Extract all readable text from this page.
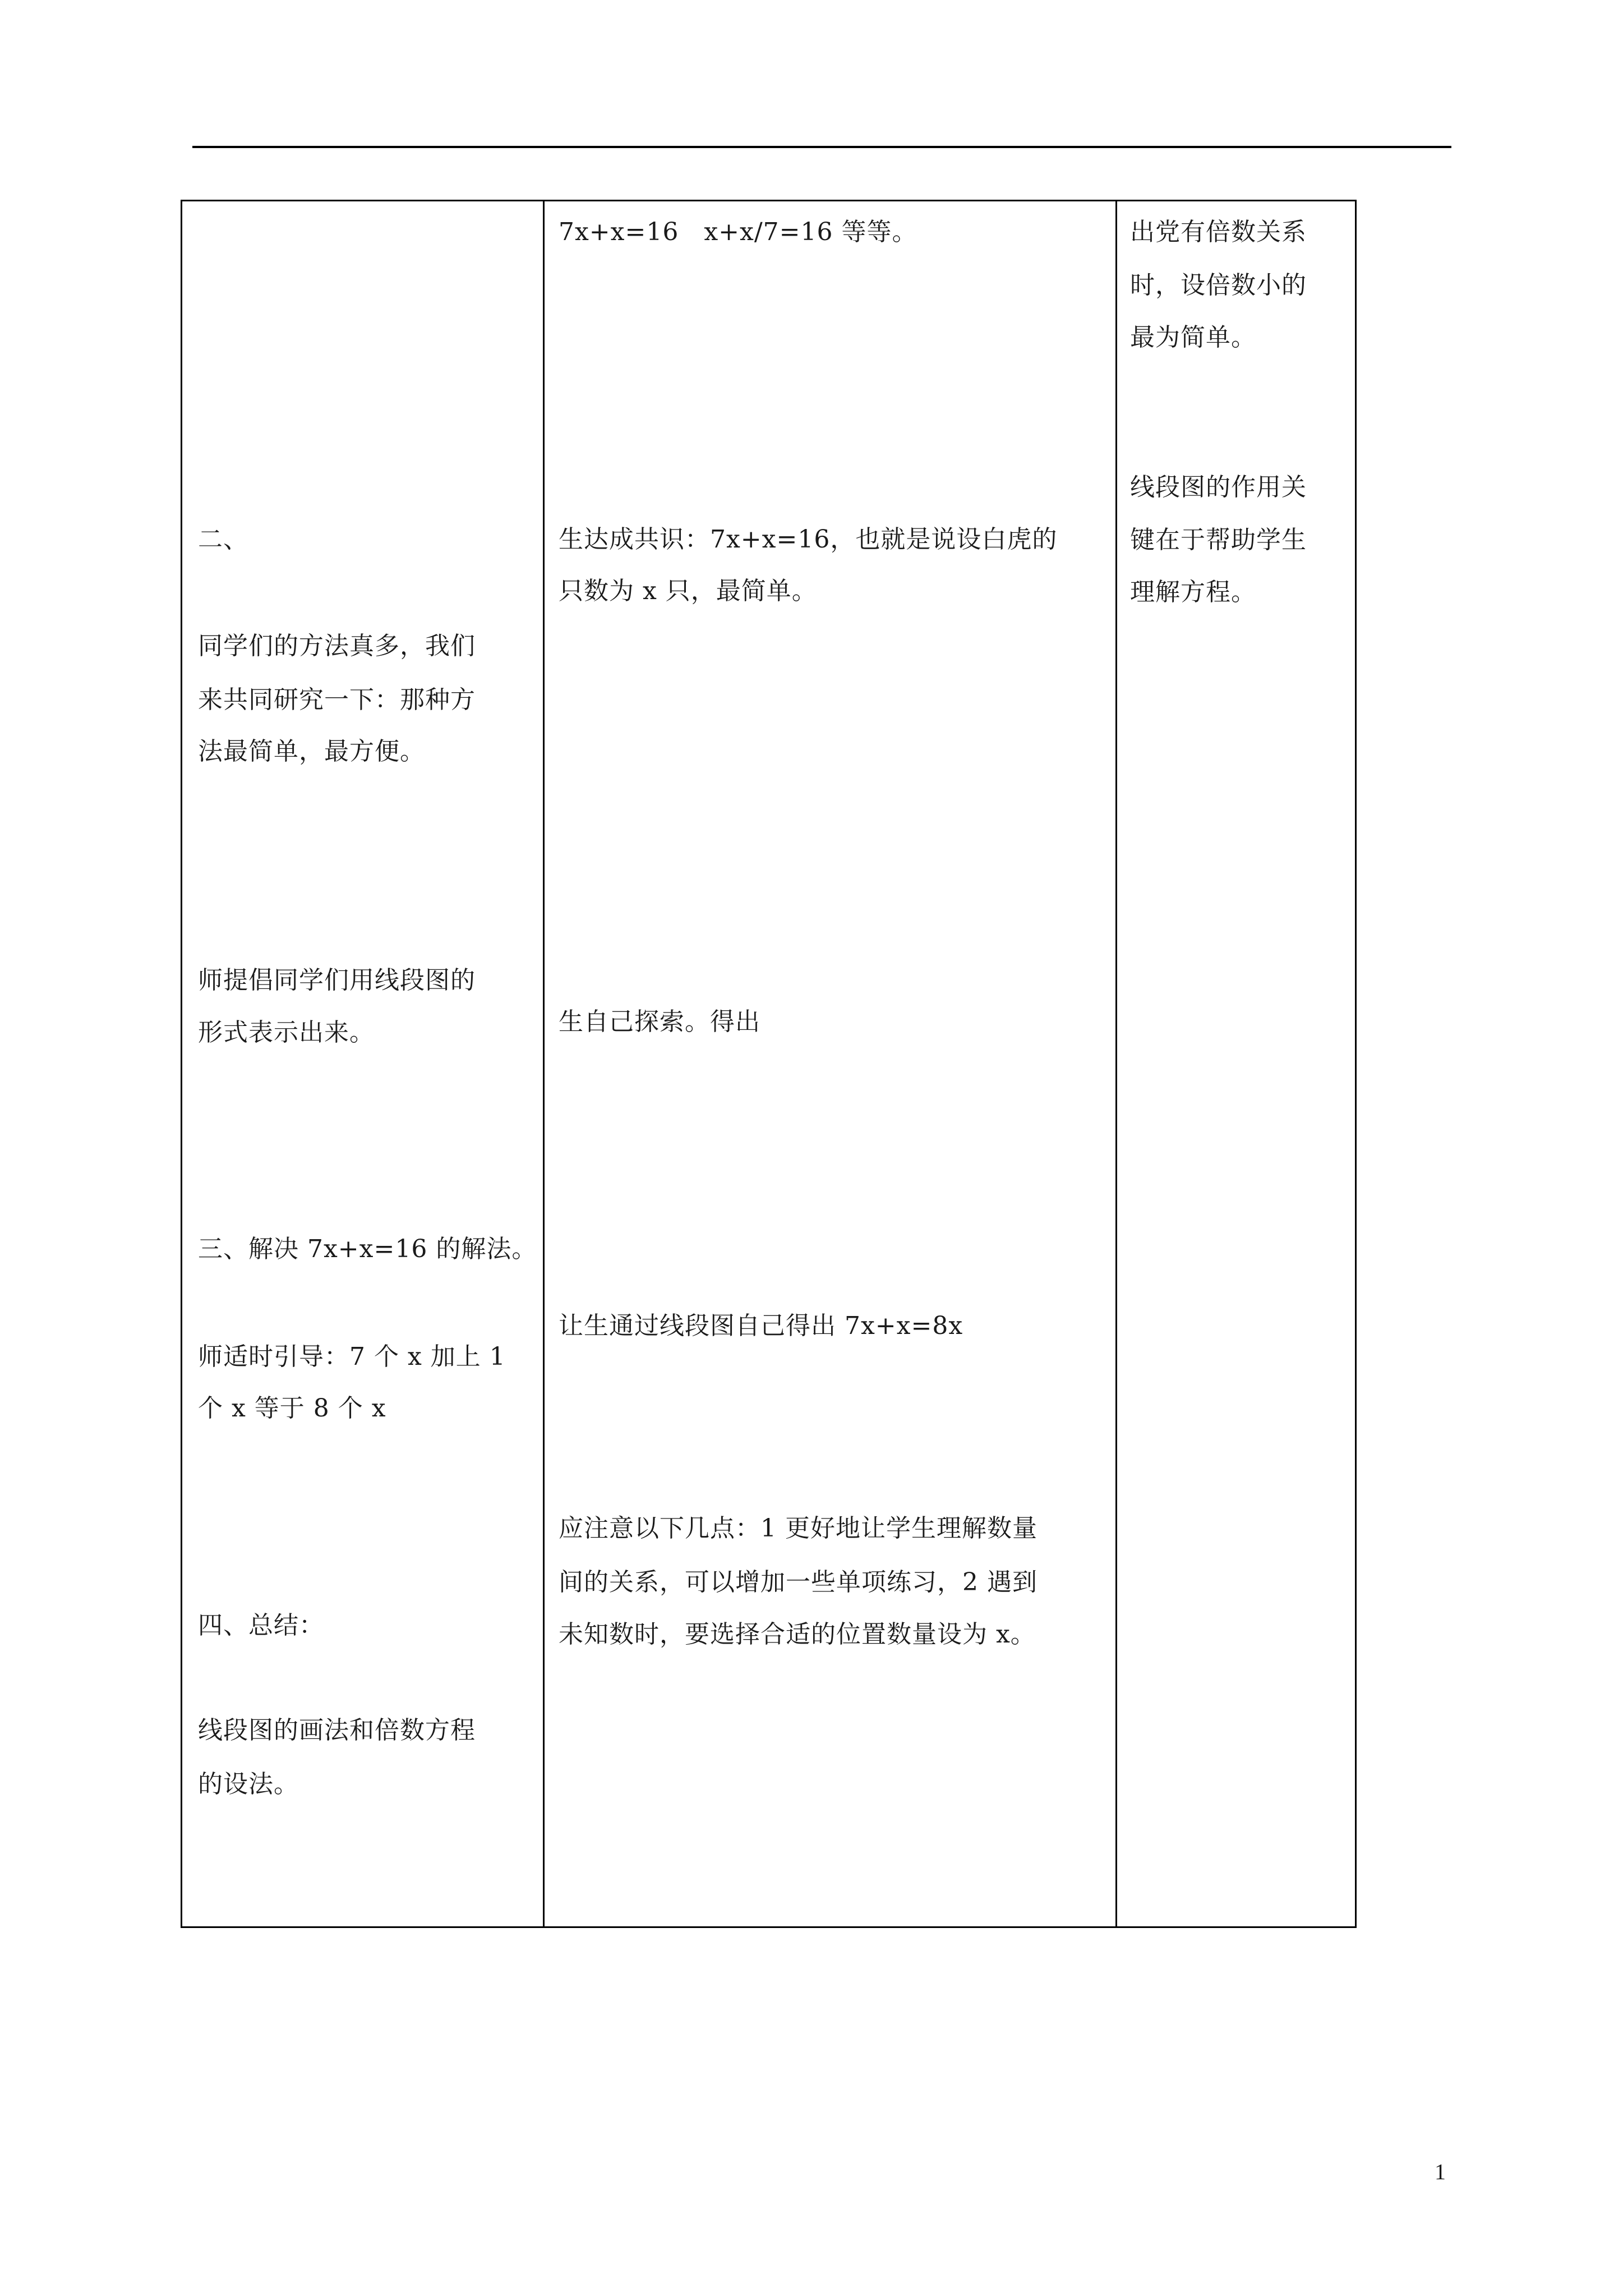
二、
同学们的方法真多，我们
来共同研究一下：那种方
法最简单，最方便。
师提倡同学们用线段图的
形式表示出来。
三、解决 7x+x=16 的解法。
师适时引导：7 个 x 加上 1
个 x 等于 8 个 x
四、总结：
线段图的画法和倍数方程
的设法。
7x+x=16　x+x/7=16 等等。
生达成共识：7x+x=16，也就是说设白虎的
只数为 x 只，最简单。
生自己探索。得出
让生通过线段图自己得出 7x+x=8x
应注意以下几点：1 更好地让学生理解数量
间的关系，可以增加一些单项练习，2 遇到
未知数时，要选择合适的位置数量设为 x。
出党有倍数关系
时，设倍数小的
最为简单。
线段图的作用关
键在于帮助学生
理解方程。
1
